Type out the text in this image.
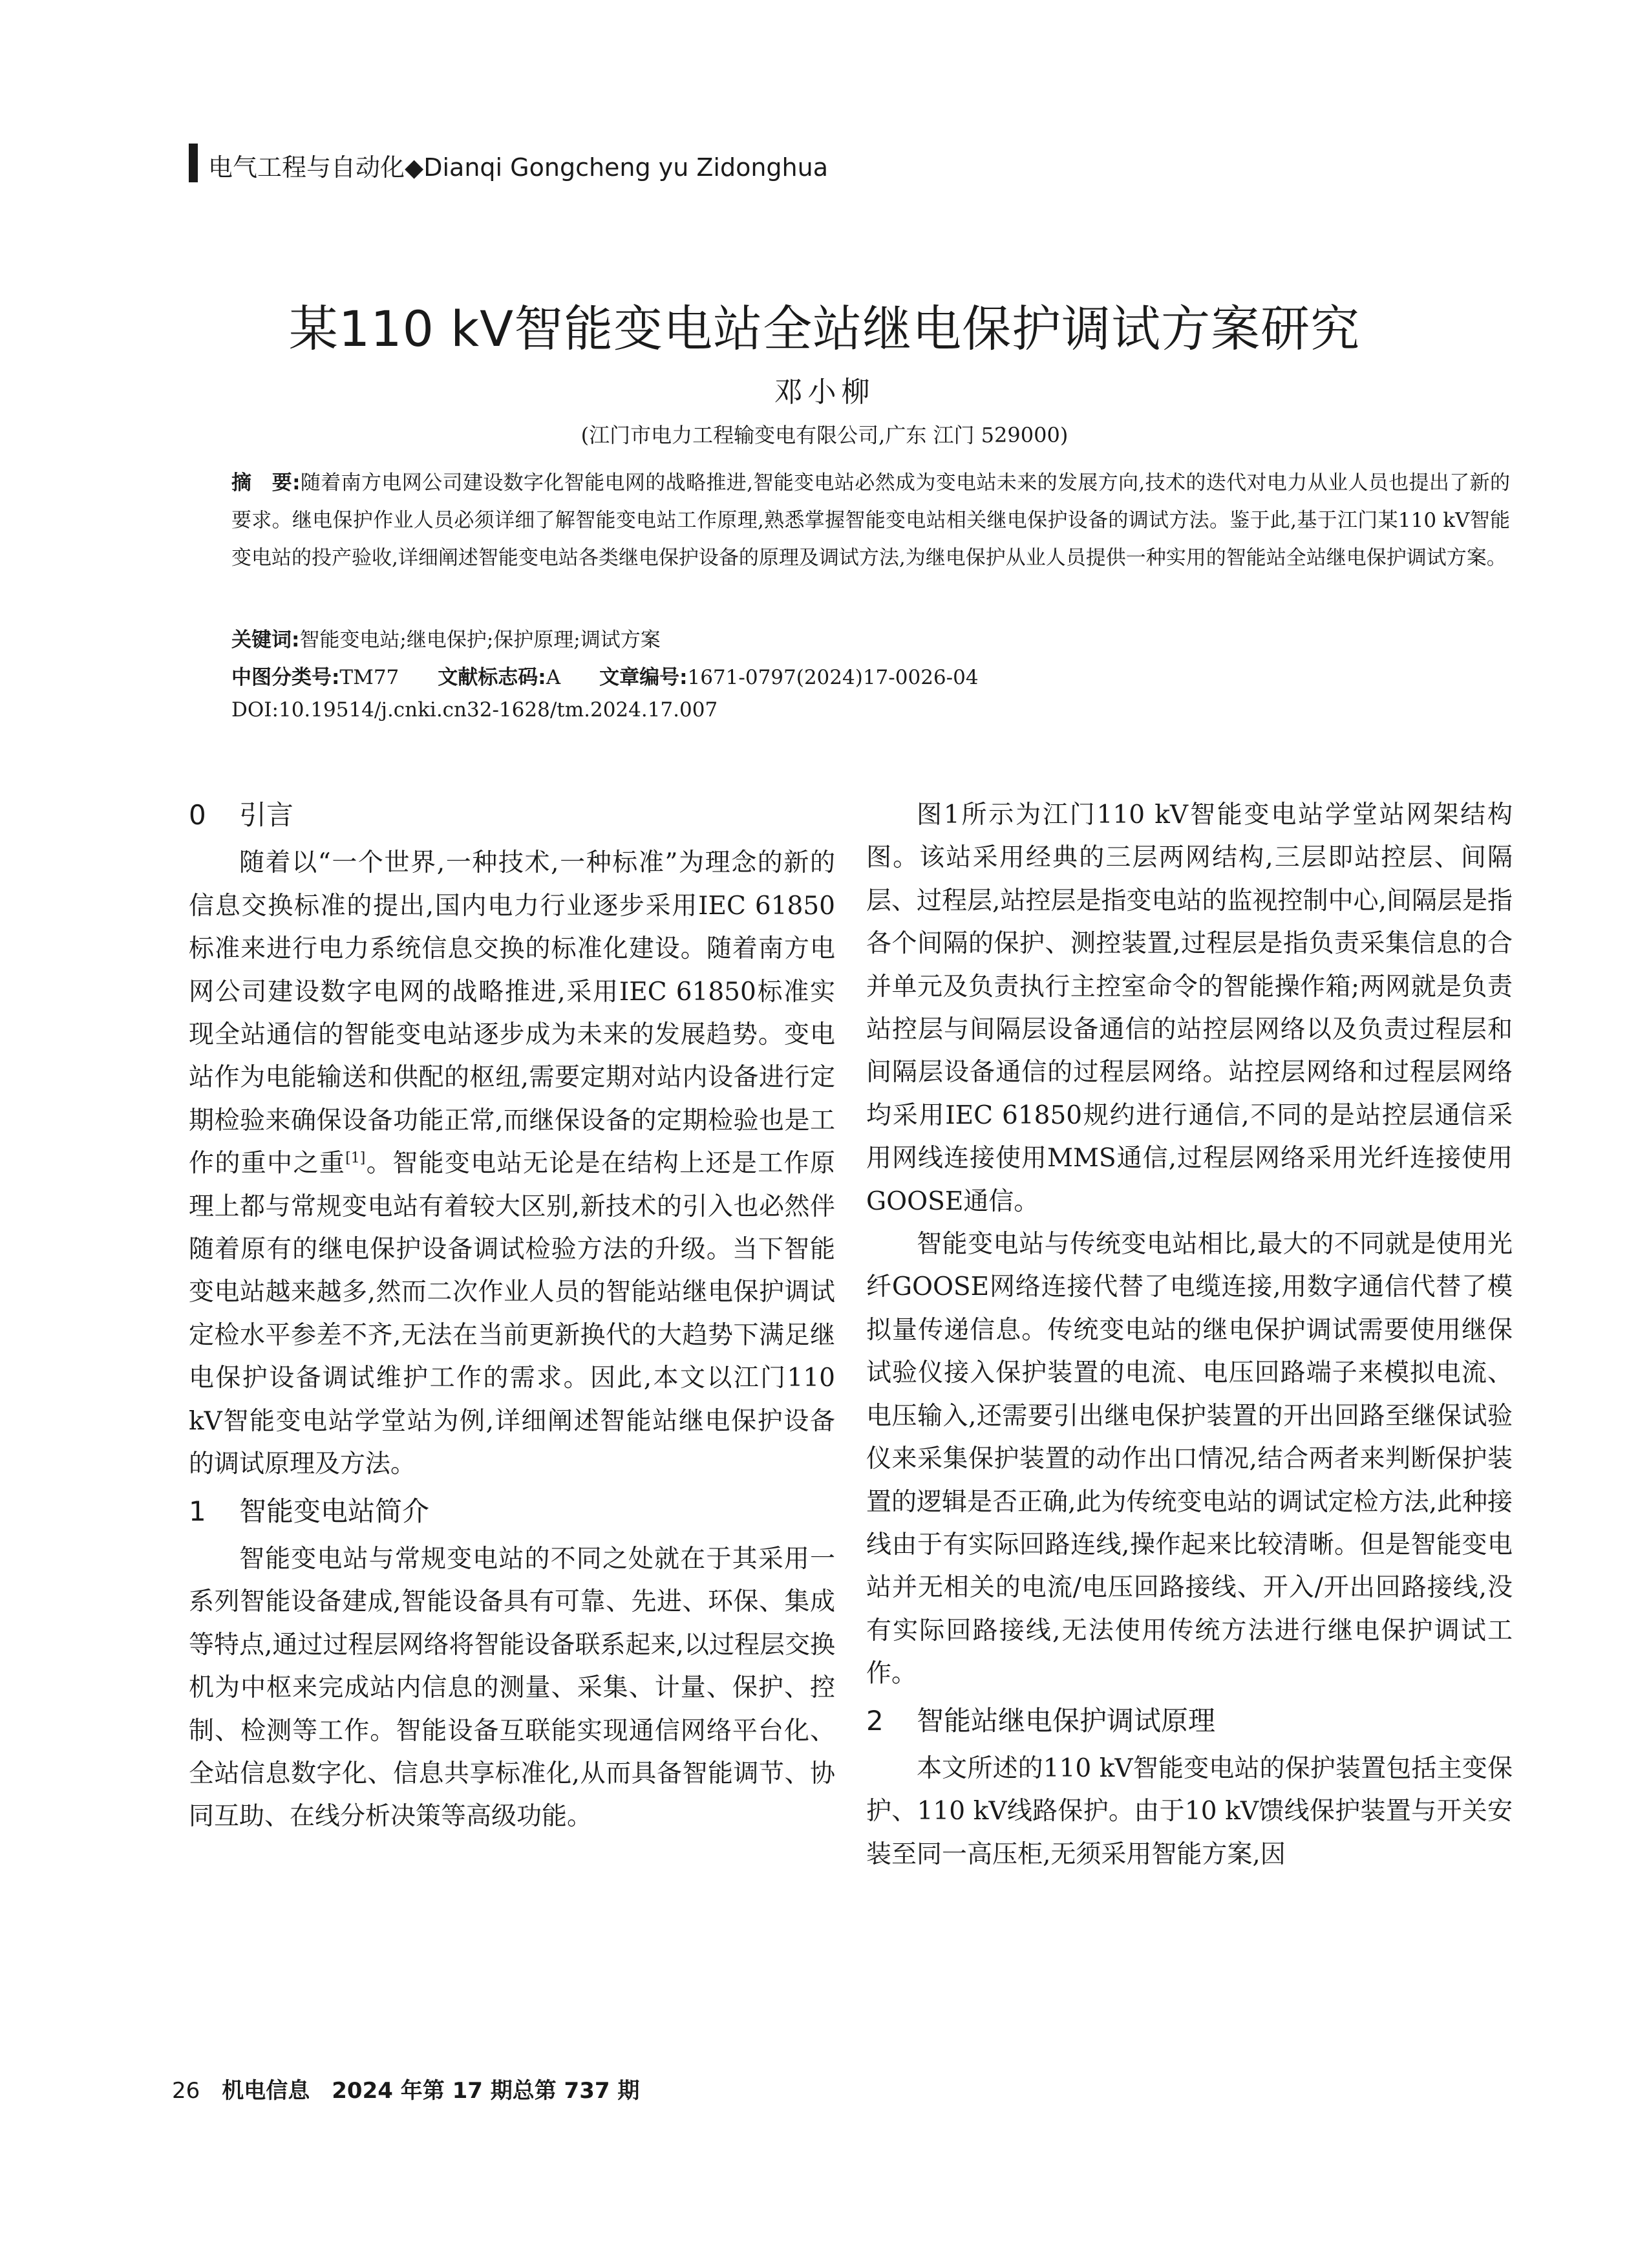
电气工程与自动化◆Dianqi Gongcheng yu Zidonghua
某110 kV智能变电站全站继电保护调试方案研究
邓小柳
(江门市电力工程输变电有限公司,广东 江门 529000)
摘　要:随着南方电网公司建设数字化智能电网的战略推进,智能变电站必然成为变电站未来的发展方向,技术的迭代对电力从业人员也提出了新的要求。继电保护作业人员必须详细了解智能变电站工作原理,熟悉掌握智能变电站相关继电保护设备的调试方法。鉴于此,基于江门某110 kV智能变电站的投产验收,详细阐述智能变电站各类继电保护设备的原理及调试方法,为继电保护从业人员提供一种实用的智能站全站继电保护调试方案。
关键词:智能变电站;继电保护;保护原理;调试方案
中图分类号:TM77 文献标志码:A 文章编号:1671-0797(2024)17-0026-04
DOI:10.19514/j.cnki.cn32-1628/tm.2024.17.007
0 引言

随着以“一个世界,一种技术,一种标准”为理念的新的信息交换标准的提出,国内电力行业逐步采用IEC 61850标准来进行电力系统信息交换的标准化建设。随着南方电网公司建设数字电网的战略推进,采用IEC 61850标准实现全站通信的智能变电站逐步成为未来的发展趋势。变电站作为电能输送和供配的枢纽,需要定期对站内设备进行定期检验来确保设备功能正常,而继保设备的定期检验也是工作的重中之重[1]。智能变电站无论是在结构上还是工作原理上都与常规变电站有着较大区别,新技术的引入也必然伴随着原有的继电保护设备调试检验方法的升级。当下智能变电站越来越多,然而二次作业人员的智能站继电保护调试定检水平参差不齐,无法在当前更新换代的大趋势下满足继电保护设备调试维护工作的需求。因此,本文以江门110 kV智能变电站学堂站为例,详细阐述智能站继电保护设备的调试原理及方法。

1 智能变电站简介

智能变电站与常规变电站的不同之处就在于其采用一系列智能设备建成,智能设备具有可靠、先进、环保、集成等特点,通过过程层网络将智能设备联系起来,以过程层交换机为中枢来完成站内信息的测量、采集、计量、保护、控制、检测等工作。智能设备互联能实现通信网络平台化、全站信息数字化、信息共享标准化,从而具备智能调节、协同互助、在线分析决策等高级功能。

图1所示为江门110 kV智能变电站学堂站网架结构图。该站采用经典的三层两网结构,三层即站控层、间隔层、过程层,站控层是指变电站的监视控制中心,间隔层是指各个间隔的保护、测控装置,过程层是指负责采集信息的合并单元及负责执行主控室命令的智能操作箱;两网就是负责站控层与间隔层设备通信的站控层网络以及负责过程层和间隔层设备通信的过程层网络。站控层网络和过程层网络均采用IEC 61850规约进行通信,不同的是站控层通信采用网线连接使用MMS通信,过程层网络采用光纤连接使用GOOSE通信。

智能变电站与传统变电站相比,最大的不同就是使用光纤GOOSE网络连接代替了电缆连接,用数字通信代替了模拟量传递信息。传统变电站的继电保护调试需要使用继保试验仪接入保护装置的电流、电压回路端子来模拟电流、电压输入,还需要引出继电保护装置的开出回路至继保试验仪来采集保护装置的动作出口情况,结合两者来判断保护装置的逻辑是否正确,此为传统变电站的调试定检方法,此种接线由于有实际回路连线,操作起来比较清晰。但是智能变电站并无相关的电流/电压回路接线、开入/开出回路接线,没有实际回路接线,无法使用传统方法进行继电保护调试工作。

2 智能站继电保护调试原理

本文所述的110 kV智能变电站的保护装置包括主变保护、110 kV线路保护。由于10 kV馈线保护装置与开关安装至同一高压柜,无须采用智能方案,因

26 机电信息　2024 年第 17 期总第 737 期
